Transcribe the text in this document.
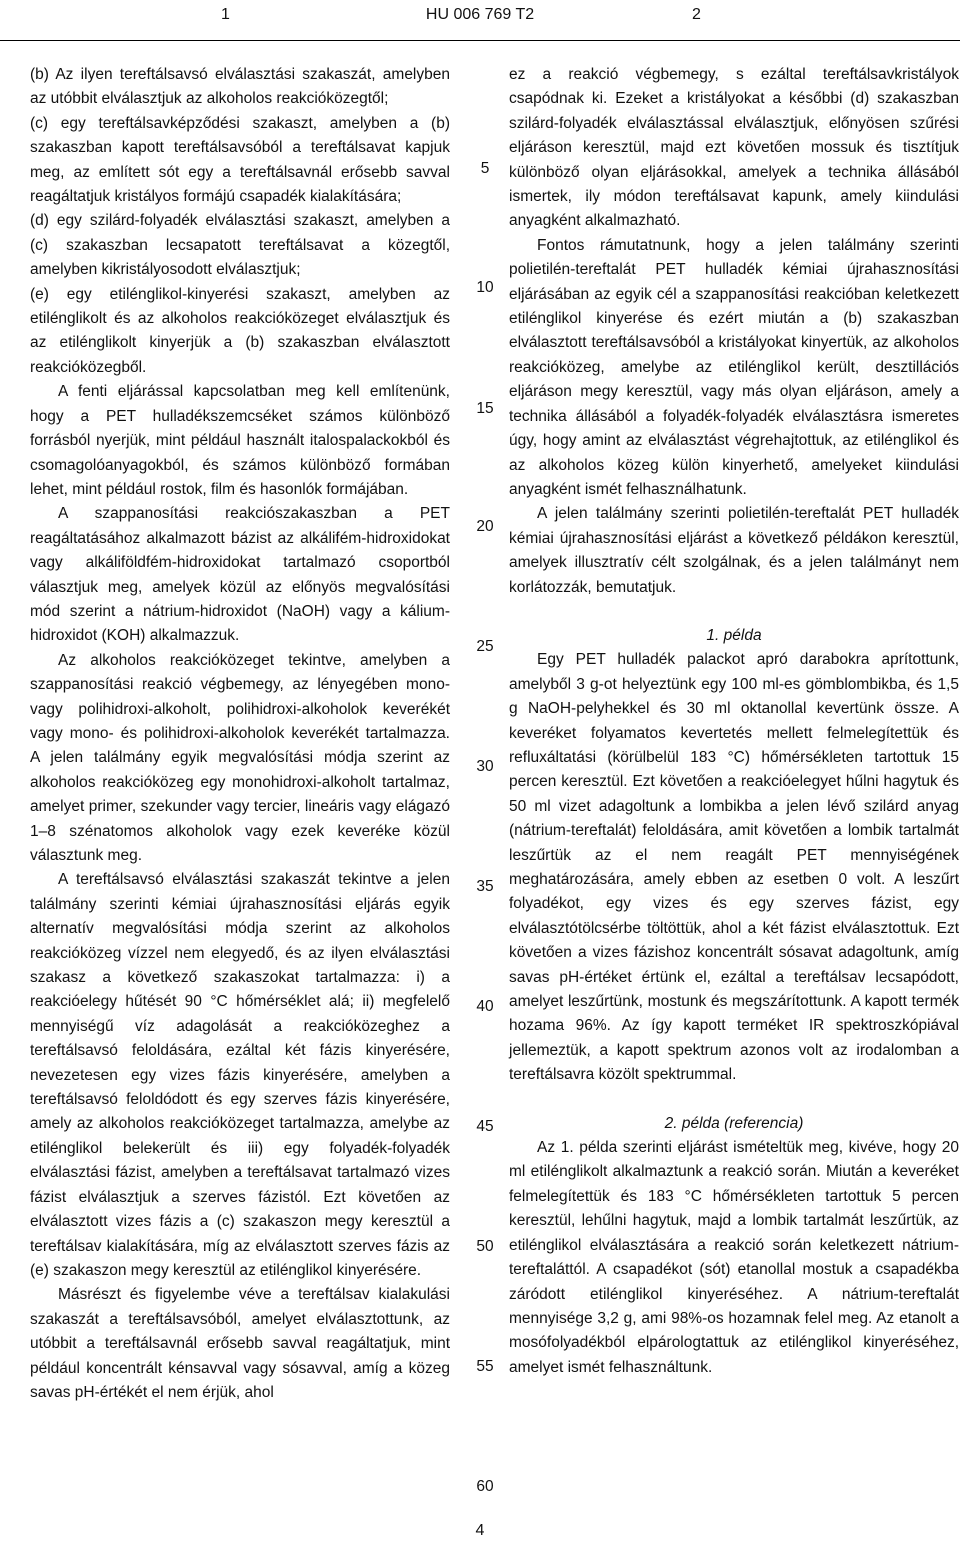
1	HU 006 769 T2	2

(b) Az ilyen tereftálsavsó elválasztási szakaszát, amelyben az utóbbit elválasztjuk az alkoholos reakcióközegtől;

(c) egy tereftálsavképződési szakaszt, amelyben a (b) szakaszban kapott tereftálsavsóból a tereftálsavat kapjuk meg, az említett sót egy a tereftálsavnál erősebb savval reagáltatjuk kristályos formájú csapadék kialakítására;

(d) egy szilárd-folyadék elválasztási szakaszt, amelyben a (c) szakaszban lecsapatott tereftálsavat a közegtől, amelyben kikristályosodott elválasztjuk;

(e) egy etilénglikol-kinyerési szakaszt, amelyben az etilénglikolt és az alkoholos reakcióközeget elválasztjuk és az etilénglikolt kinyerjük a (b) szakaszban elválasztott reakcióközegből.

A fenti eljárással kapcsolatban meg kell említenünk, hogy a PET hulladékszemcséket számos különböző forrásból nyerjük, mint például használt italospalackokból és csomagolóanyagokból, és számos különböző formában lehet, mint például rostok, film és hasonlók formájában.

A szappanosítási reakciószakaszban a PET reagáltatásához alkalmazott bázist az alkálifém-hidroxidokat vagy alkáliföldfém-hidroxidokat tartalmazó csoportból választjuk meg, amelyek közül az előnyös megvalósítási mód szerint a nátrium-hidroxidot (NaOH) vagy a kálium-hidroxidot (KOH) alkalmazzuk.

Az alkoholos reakcióközeget tekintve, amelyben a szappanosítási reakció végbemegy, az lényegében mono- vagy polihidroxi-alkoholt, polihidroxi-alkoholok keverékét vagy mono- és polihidroxi-alkoholok keverékét tartalmazza. A jelen találmány egyik megvalósítási módja szerint az alkoholos reakcióközeg egy monohidroxi-alkoholt tartalmaz, amelyet primer, szekunder vagy tercier, lineáris vagy elágazó 1–8 szénatomos alkoholok vagy ezek keveréke közül választunk meg.

A tereftálsavsó elválasztási szakaszát tekintve a jelen találmány szerinti kémiai újrahasznosítási eljárás egyik alternatív megvalósítási módja szerint az alkoholos reakcióközeg vízzel nem elegyedő, és az ilyen elválasztási szakasz a következő szakaszokat tartalmazza: i) a reakcióelegy hűtését 90 °C hőmérséklet alá; ii) megfelelő mennyiségű víz adagolását a reakcióközeghez a tereftálsavsó feloldására, ezáltal két fázis kinyerésére, nevezetesen egy vizes fázis kinyerésére, amelyben a tereftálsavsó feloldódott és egy szerves fázis kinyerésére, amely az alkoholos reakcióközeget tartalmazza, amelybe az etilénglikol belekerült és iii) egy folyadék-folyadék elválasztási fázist, amelyben a tereftálsavat tartalmazó vizes fázist elválasztjuk a szerves fázistól. Ezt követően az elválasztott vizes fázis a (c) szakaszon megy keresztül a tereftálsav kialakítására, míg az elválasztott szerves fázis az (e) szakaszon megy keresztül az etilénglikol kinyerésére.

Másrészt és figyelembe véve a tereftálsav kialakulási szakaszát a tereftálsavsóból, amelyet elválasztottunk, az utóbbit a tereftálsavnál erősebb savval reagáltatjuk, mint például koncentrált kénsavval vagy sósavval, amíg a közeg savas pH-értékét el nem érjük, ahol

5
10
15
20
25
30
35
40
45
50
55
60

ez a reakció végbemegy, s ezáltal tereftálsavkristályok csapódnak ki. Ezeket a kristályokat a későbbi (d) szakaszban szilárd-folyadék elválasztással elválasztjuk, előnyösen szűrési eljáráson keresztül, majd ezt követően mossuk és tisztítjuk különböző olyan eljárásokkal, amelyek a technika állásából ismertek, ily módon tereftálsavat kapunk, amely kiindulási anyagként alkalmazható.

Fontos rámutatnunk, hogy a jelen találmány szerinti polietilén-tereftalát PET hulladék kémiai újrahasznosítási eljárásában az egyik cél a szappanosítási reakcióban keletkezett etilénglikol kinyerése és ezért miután a (b) szakaszban elválasztott tereftálsavsóból a kristályokat kinyertük, az alkoholos reakcióközeg, amelybe az etilénglikol került, desztillációs eljáráson megy keresztül, vagy más olyan eljáráson, amely a technika állásából a folyadék-folyadék elválasztásra ismeretes úgy, hogy amint az elválasztást végrehajtottuk, az etilénglikol és az alkoholos közeg külön kinyerhető, amelyeket kiindulási anyagként ismét felhasználhatunk.

A jelen találmány szerinti polietilén-tereftalát PET hulladék kémiai újrahasznosítási eljárást a következő példákon keresztül, amelyek illusztratív célt szolgálnak, és a jelen találmányt nem korlátozzák, bemutatjuk.

1. példa

Egy PET hulladék palackot apró darabokra aprítottunk, amelyből 3 g-ot helyeztünk egy 100 ml-es gömblombikba, és 1,5 g NaOH-pelyhekkel és 30 ml oktanollal kevertünk össze. A keveréket folyamatos kevertetés mellett felmelegítettük és refluxáltatási (körülbelül 183 °C) hőmérsékleten tartottuk 15 percen keresztül. Ezt követően a reakcióelegyet hűlni hagytuk és 50 ml vizet adagoltunk a lombikba a jelen lévő szilárd anyag (nátrium-tereftalát) feloldására, amit követően a lombik tartalmát leszűrtük az el nem reagált PET mennyiségének meghatározására, amely ebben az esetben 0 volt. A leszűrt folyadékot, egy vizes és egy szerves fázist, egy elválasztótölcsérbe töltöttük, ahol a két fázist elválasztottuk. Ezt követően a vizes fázishoz koncentrált sósavat adagoltunk, amíg savas pH-értéket értünk el, ezáltal a tereftálsav lecsapódott, amelyet leszűrtünk, mostunk és megszárítottunk. A kapott termék hozama 96%. Az így kapott terméket IR spektroszkópiával jellemeztük, a kapott spektrum azonos volt az irodalomban a tereftálsavra közölt spektrummal.

2. példa (referencia)

Az 1. példa szerinti eljárást ismételtük meg, kivéve, hogy 20 ml etilénglikolt alkalmaztunk a reakció során. Miután a keveréket felmelegítettük és 183 °C hőmérsékleten tartottuk 5 percen keresztül, lehűlni hagytuk, majd a lombik tartalmát leszűrtük, az etilénglikol elválasztására a reakció során keletkezett nátrium-tereftaláttól. A csapadékot (sót) etanollal mostuk a csapadékba záródott etilénglikol kinyeréséhez. A nátrium-tereftalát mennyisége 3,2 g, ami 98%-os hozamnak felel meg. Az etanolt a mosófolyadékból elpárologtattuk az etilénglikol kinyeréséhez, amelyet ismét felhasználtunk.

4
